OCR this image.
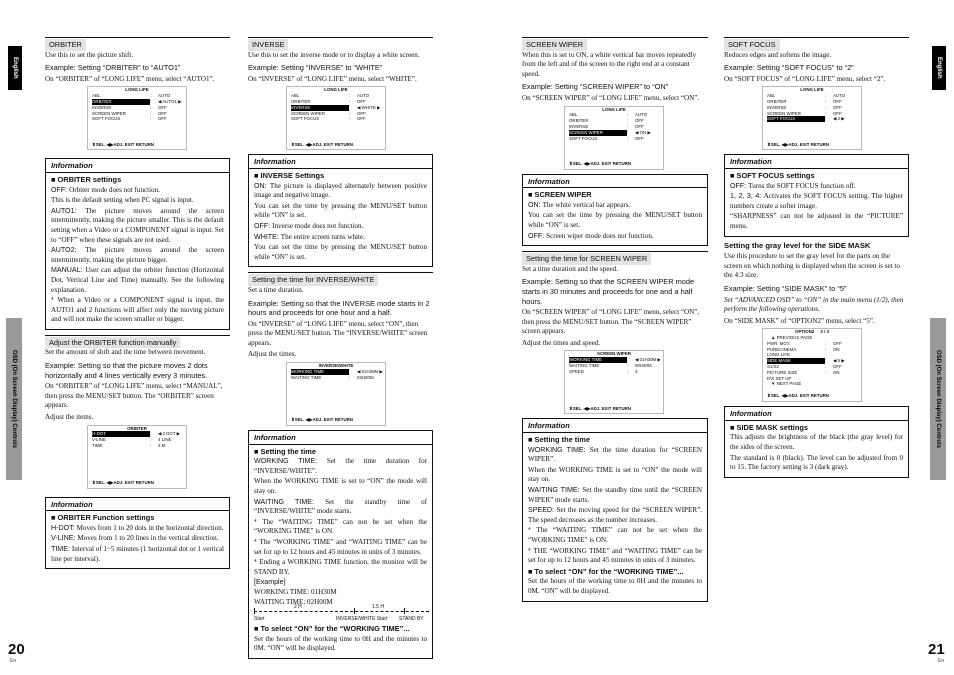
English
OSD (On Screen Display) Controls
English
OSD (On Screen Display) Controls
20
En
21
En
ORBITER

Use this to set the picture shift.

Example: Setting “ORBITER” to “AUTO1”

On “ORBITER” of “LONG LIFE” menu, select “AUTO1”.

LONG LIFE
ABL	:	AUTO
ORBITER	:	◀ AUTO1 ▶
INVERSE	:	OFF
SCREEN WIPER	:	OFF
SOFT FOCUS	:	OFF
⬍SEL. ◀▶ADJ. EXIT RETURN
Information
■ ORBITER settings

OFF: Orbiter mode does not function.

This is the default setting when PC signal is input.

AUTO1: The picture moves around the screen intermittently, making the picture smaller. This is the default setting when a Video or a COMPONENT signal is input. Set to “OFF” when these signals are not used.

AUTO2: The picture moves around the screen intermittently, making the picture bigger.

MANUAL: User can adjust the orbiter function (Horizontal Dot, Vertical Line and Time) manually. See the following explanation.

* When a Video or a COMPONENT signal is input, the AUTO1 and 2 functions will affect only the moving picture and will not make the screen smaller or bigger.

Adjust the ORBITER function manually

Set the amount of shift and the time between movement.

Example: Setting so that the picture moves 2 dots horizontally and 4 lines vertically every 3 minutes.

On “ORBITER” of “LONG LIFE” menu, select “MANUAL”, then press the MENU/SET button. The “ORBITER” screen appears.

Adjust the items.

ORBITER
H-DOT	:	◀ 2 DOT ▶
V-LINE	:	4 LINE
TIME	:	3 M
⬍SEL. ◀▶ADJ. EXIT RETURN
Information
■ ORBITER Function settings

H-DOT: Moves from 1 to 20 dots in the horizontal direction.

V-LINE: Moves from 1 to 20 lines in the vertical direction.

TIME: Interval of 1~5 minutes (1 horizontal dot or 1 vertical line per interval).

INVERSE

Use this to set the inverse mode or to display a white screen.

Example: Setting “INVERSE” to “WHITE”

On “INVERSE” of “LONG LIFE” menu, select “WHITE”.

LONG LIFE
ABL	:	AUTO
ORBITER	:	OFF
INVERSE	:	◀ WHITE ▶
SCREEN WIPER	:	OFF
SOFT FOCUS	:	OFF
⬍SEL. ◀▶ADJ. EXIT RETURN
Information
■ INVERSE Settings

ON: The picture is displayed alternately between positive image and negative image.

You can set the time by pressing the MENU/SET button while “ON” is set.

OFF: Inverse mode does not function.

WHITE: The entire screen turns white.

You can set the time by pressing the MENU/SET button while “ON” is set.

Setting the time for INVERSE/WHITE

Set a time duration.

Example: Setting so that the INVERSE mode starts in 2 hours and proceeds for one hour and a half.

On “INVERSE” of “LONG LIFE” menu, select “ON”, then press the MENU/SET button. The “INVERSE/WHITE” screen appears.

Adjust the times.

INVERSE/WHITE
WORKING TIME	:	◀ 01H30M ▶
WAITING TIME	:	02H00M
⬍SEL. ◀▶ADJ. EXIT RETURN
Information
■ Setting the time

WORKING TIME: Set the time duration for “INVERSE/WHITE”.

When the WORKING TIME is set to “ON” the mode will stay on.

WAITING TIME: Set the standby time of “INVERSE/WHITE” mode starts.

* The “WAITING TIME” can not be set when the “WORKING TIME” is ON.

* The “WORKING TIME” and “WAITING TIME” can be set for up to 12 hours and 45 minutes in units of 3 minutes.

* Ending a WORKING TIME function, the monitor will be STAND BY.

[Example]
WORKING TIME: 01H30M
WAITING TIME: 02H00M
2 H	1.5 H
Start	INVERSE/WHITE Start STAND BY
■ To select “ON” for the “WORKING TIME”...

Set the hours of the working time to 0H and the minutes to 0M. “ON” will be displayed.

SCREEN WIPER

When this is set to ON, a white vertical bar moves repeatedly from the left and of the screen to the right end at a constant speed.

Example: Setting “SCREEN WIPER” to “ON”

On “SCREEN WIPER” of “LONG LIFE” menu, select “ON”.

LONG LIFE
ABL	:	AUTO
ORBITER	:	OFF
INVERSE	:	OFF
SCREEN WIPER	:	◀ ON ▶
SOFT FOCUS	:	OFF
⬍SEL. ◀▶ADJ. EXIT RETURN
Information
■ SCREEN WIPER

ON: The white vertical bar appears.

You can set the time by pressing the MENU/SET button while “ON” is set.

OFF: Screen wiper mode does not function.

Setting the time for SCREEN WIPER

Set a time duration and the speed.

Example: Setting so that the SCREEN WIPER mode starts in 30 minutes and proceeds for one and a half hours.

On “SCREEN WIPER” of “LONG LIFE” menu, select “ON”, then press the MENU/SET button. The “SCREEN WIPER” screen appears.

Adjust the times and speed.

SCREEN WIPER
WORKING TIME	:	◀ 01H30M ▶
WAITING TIME	:	00H30M
SPEED	:	3
⬍SEL. ◀▶ADJ. EXIT RETURN
Information
■ Setting the time

WORKING TIME: Set the time duration for “SCREEN WIPER”.

When the WORKING TIME is set to “ON” the mode will stay on.

WAITING TIME: Set the standby time until the “SCREEN WIPER” mode starts.

SPEED: Set the moving speed for the “SCREEN WIPER”. The speed decreases as the number increases.

* The “WAITING TIME” can not be set when the “WORKING TIME” is ON.

* THE “WORKING TIME” and “WAITING TIME” can be set for up to 12 hours and 45 minutes in units of 3 minutes.

■ To select “ON” for the “WORKING TIME”...

Set the hours of the working time to 0H and the minutes to 0M. “ON” will be displayed.

SOFT FOCUS

Reduces edges and softens the image.

Example: Setting “SOFT FOCUS” to “2”

On “SOFT FOCUS” of “LONG LIFE” menu, select “2”.

LONG LIFE
ABL	:	AUTO
ORBITER	:	OFF
INVERSE	:	OFF
SCREEN WIPER	:	OFF
SOFT FOCUS	:	◀ 2 ▶
⬍SEL. ◀▶ADJ. EXIT RETURN
Information
■ SOFT FOCUS settings

OFF: Turns the SOFT FOCUS function off.

1, 2, 3, 4: Activates the SOFT FOCUS setting. The higher numbers create a softer image.

“SHARPNESS” can not be adjusted in the “PICTURE” menu.

Setting the gray level for the SIDE MASK

Use this procedure to set the gray level for the parts on the screen on which nothing is displayed when the screen is set to the 4:3 size.

Example: Setting “SIDE MASK” to “5”

Set “ADVANCED OSD” to “ON” in the main menu (1/2), then perform the following operations.

On “SIDE MASK” of “OPTION2” menu, select “5”.

OPTION2 3 / 3
▲ PREVIOUS PAGE
PWR. MGT.	:	OFF
PURECINEMA	:	ON
LONG LIFE
SIDE MASK	:	◀ 5 ▶
S1/S2	:	OFF
PICTURE SIZE	:	ON
DVI SET UP
▼ NEXT PAGE
⬍SEL. ◀▶ADJ. EXIT RETURN
Information
■ SIDE MASK settings

This adjusts the brightness of the black (the gray level) for the sides of the screen.

The standard is 0 (black). The level can be adjusted from 0 to 15. The factory setting is 3 (dark gray).
